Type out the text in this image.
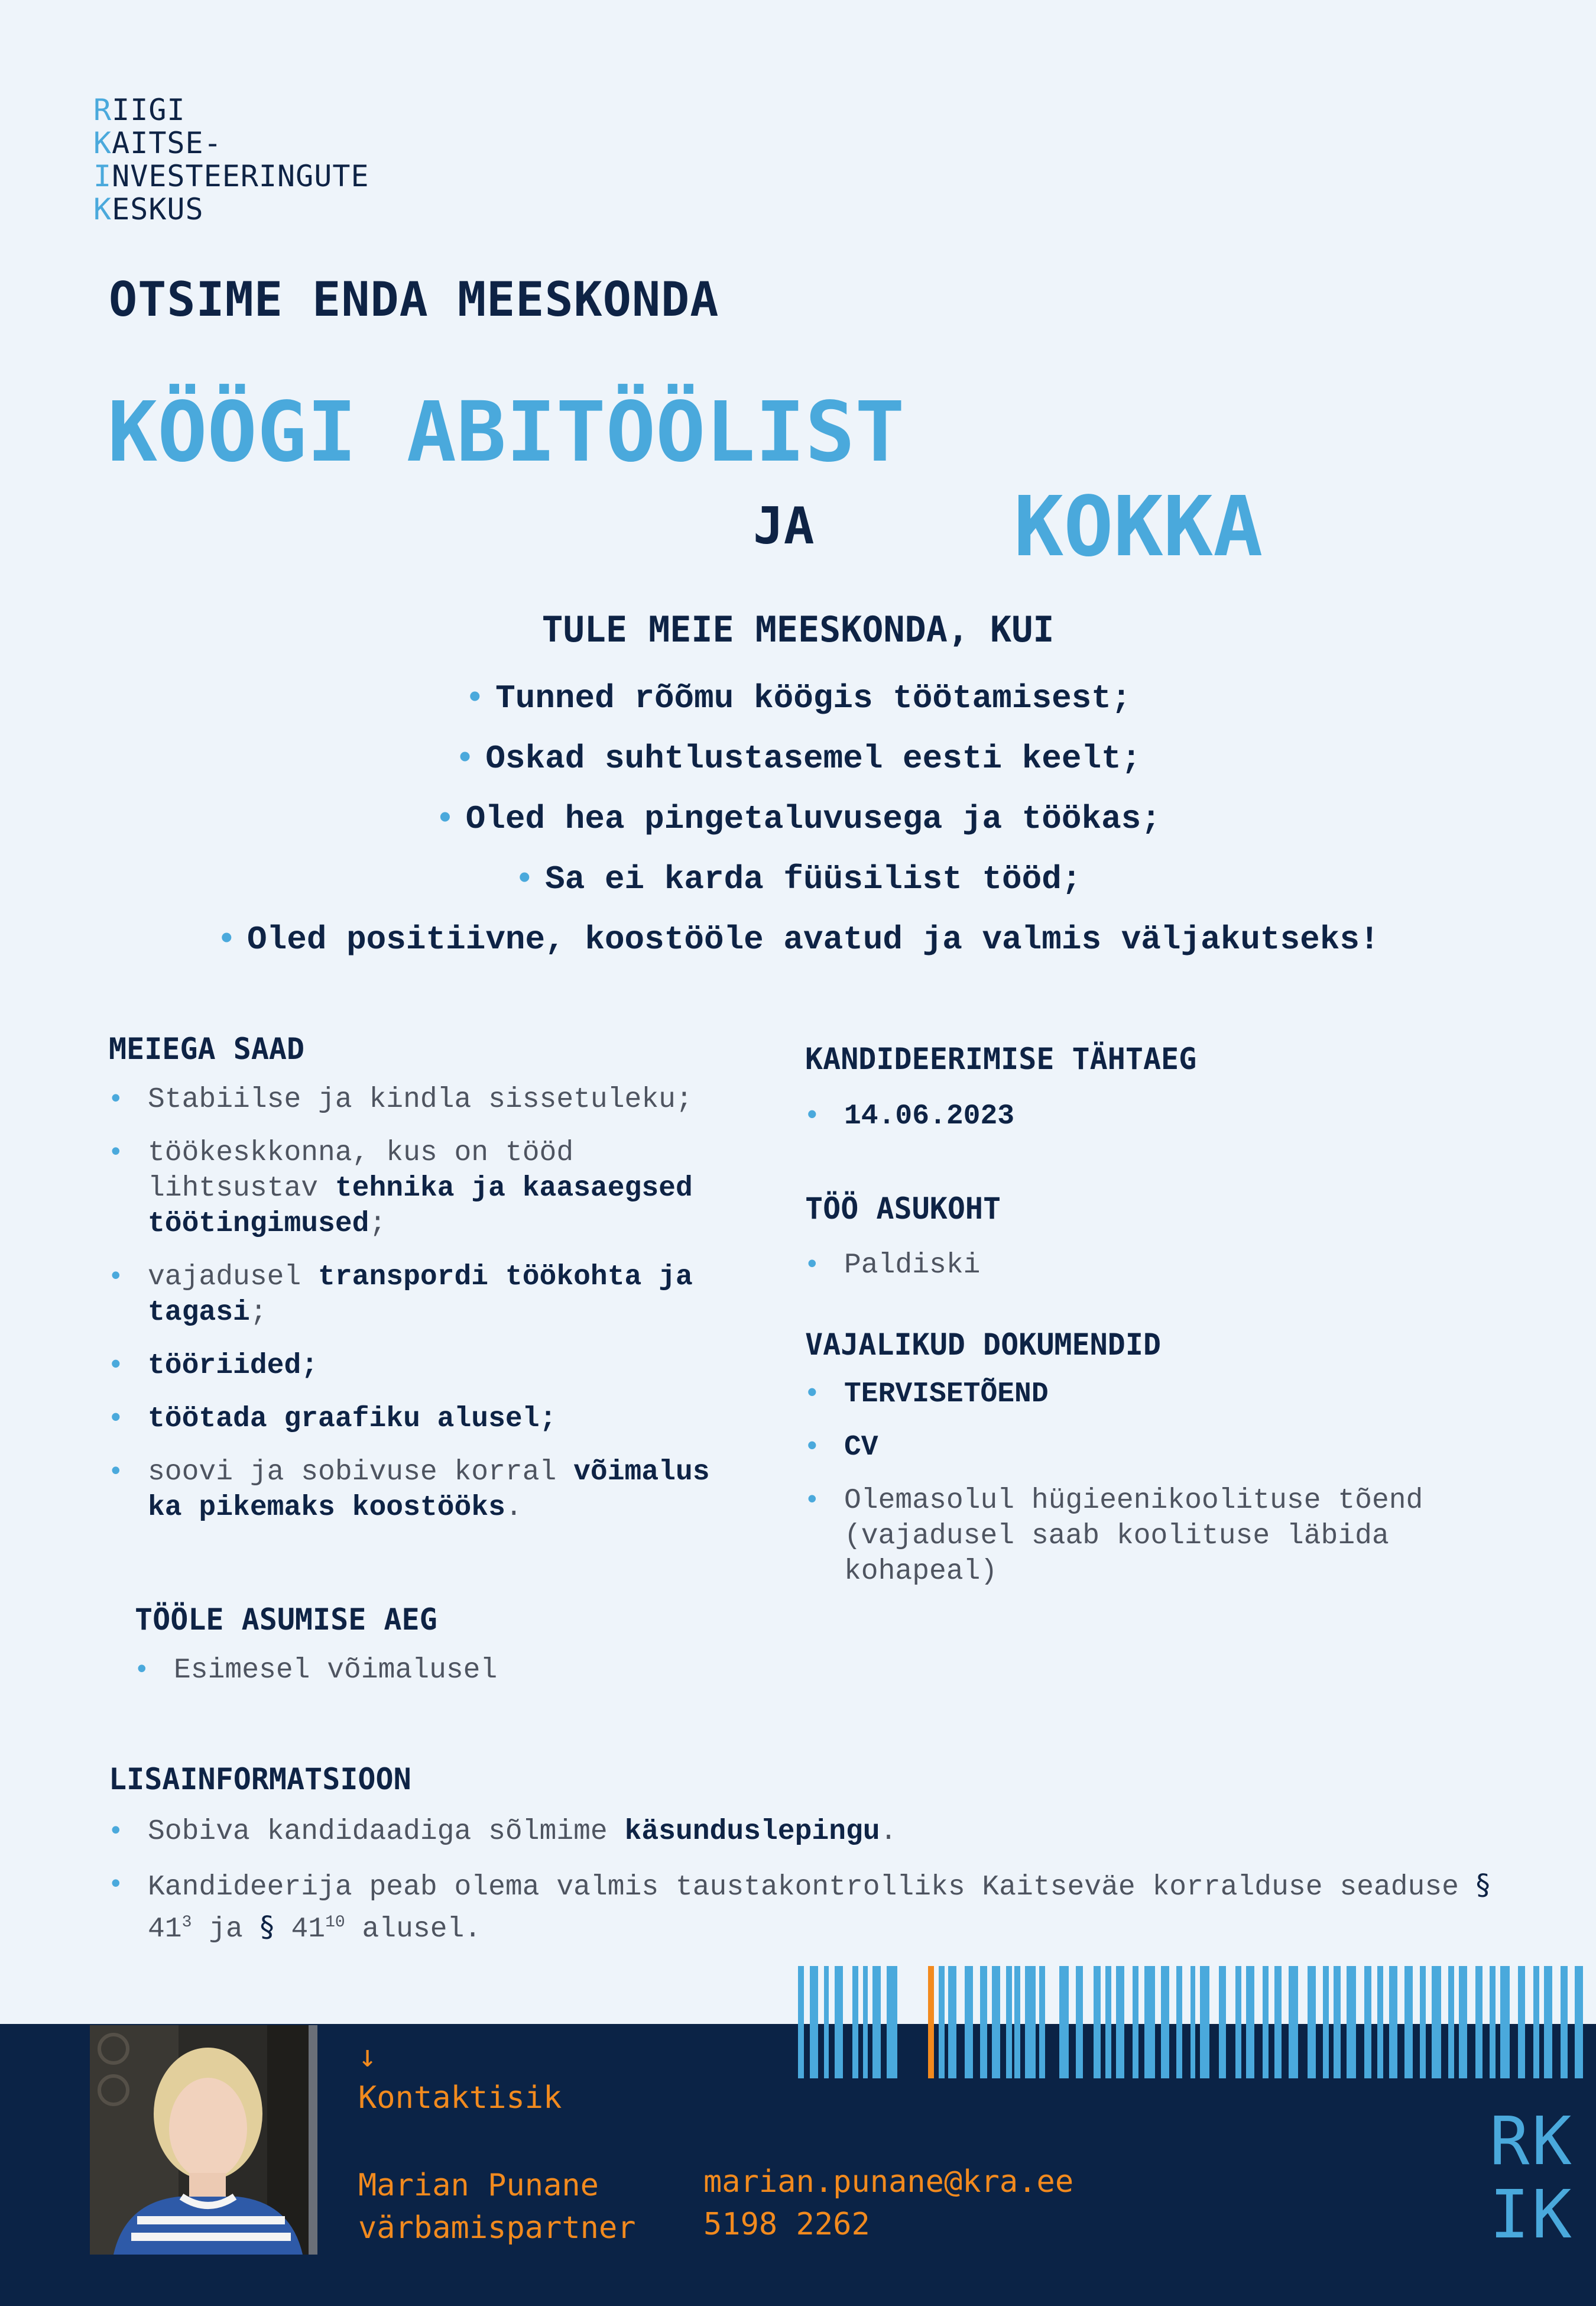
RIIGI
KAITSE-
INVESTEERINGUTE
KESKUS
OTSIME ENDA MEESKONDA
KÖÖGI ABITÖÖLIST
JA KOKKA
TULE MEIE MEESKONDA, KUI
• Tunned rõõmu köögis töötamisest;
• Oskad suhtlustasemel eesti keelt;
• Oled hea pingetaluvusega ja töökas;
• Sa ei karda füüsilist tööd;
• Oled positiivne, koostööle avatud ja valmis väljakutseks!
MEIEGA SAAD
• Stabiilse ja kindla sissetuleku;
• töökeskkonna, kus on tööd lihtsustav tehnika ja kaasaegsed töötingimused;
• vajadusel transpordi töökohta ja tagasi;
• tööriided;
• töötada graafiku alusel;
• soovi ja sobivuse korral võimalus ka pikemaks koostööks.
TÖÖLE ASUMISE AEG
• Esimesel võimalusel
KANDIDEERIMISE TÄHTAEG
• 14.06.2023
TÖÖ ASUKOHT
• Paldiski
VAJALIKUD DOKUMENDID
• TERVISETÕEND
• CV
• Olemasolul hügieenikoolituse tõend (vajadusel saab koolituse läbida kohapeal)
LISAINFORMATSIOON
• Sobiva kandidaadiga sõlmime käsunduslepingu.
• Kandideerija peab olema valmis taustakontrolliks Kaitseväe korralduse seaduse § $41^3$ ja § $41^{10}$ alusel.
↓
Kontaktisik
Marian Punane
värbamispartner
marian.punane@kra.ee
5198 2262
RK
IK
